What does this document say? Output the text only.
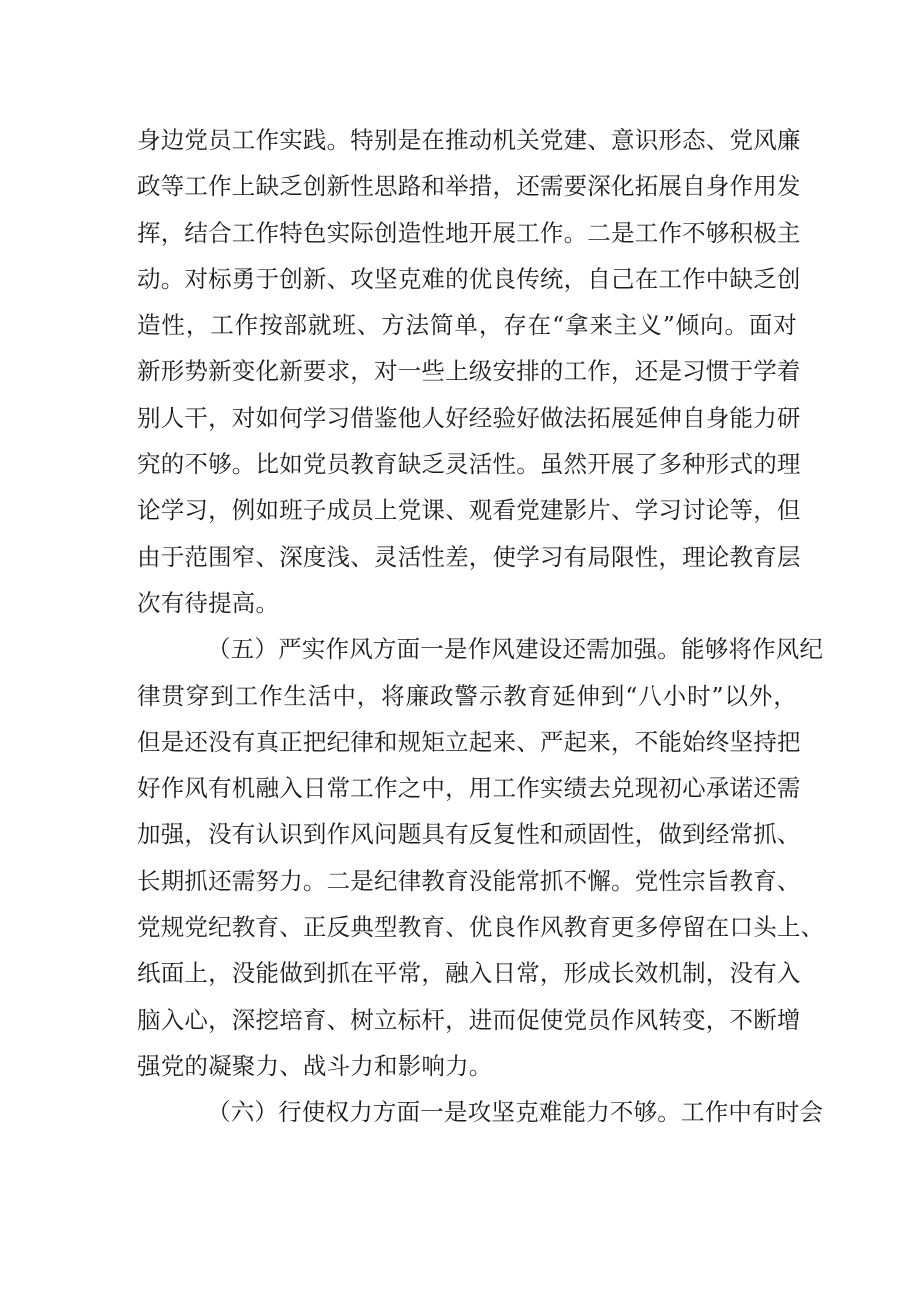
身边党员工作实践。特别是在推动机关党建、意识形态、党风廉
政等工作上缺乏创新性思路和举措，还需要深化拓展自身作用发
挥，结合工作特色实际创造性地开展工作。二是工作不够积极主
动。对标勇于创新、攻坚克难的优良传统，自己在工作中缺乏创
造性，工作按部就班、方法简单，存在“拿来主义”倾向。面对
新形势新变化新要求，对一些上级安排的工作，还是习惯于学着
别人干，对如何学习借鉴他人好经验好做法拓展延伸自身能力研
究的不够。比如党员教育缺乏灵活性。虽然开展了多种形式的理
论学习，例如班子成员上党课、观看党建影片、学习讨论等，但
由于范围窄、深度浅、灵活性差，使学习有局限性，理论教育层
次有待提高。
（五）严实作风方面一是作风建设还需加强。能够将作风纪
律贯穿到工作生活中，将廉政警示教育延伸到“八小时”以外，
但是还没有真正把纪律和规矩立起来、严起来，不能始终坚持把
好作风有机融入日常工作之中，用工作实绩去兑现初心承诺还需
加强，没有认识到作风问题具有反复性和顽固性，做到经常抓、
长期抓还需努力。二是纪律教育没能常抓不懈。党性宗旨教育、
党规党纪教育、正反典型教育、优良作风教育更多停留在口头上、
纸面上，没能做到抓在平常，融入日常，形成长效机制，没有入
脑入心，深挖培育、树立标杆，进而促使党员作风转变，不断增
强党的凝聚力、战斗力和影响力。
（六）行使权力方面一是攻坚克难能力不够。工作中有时会
